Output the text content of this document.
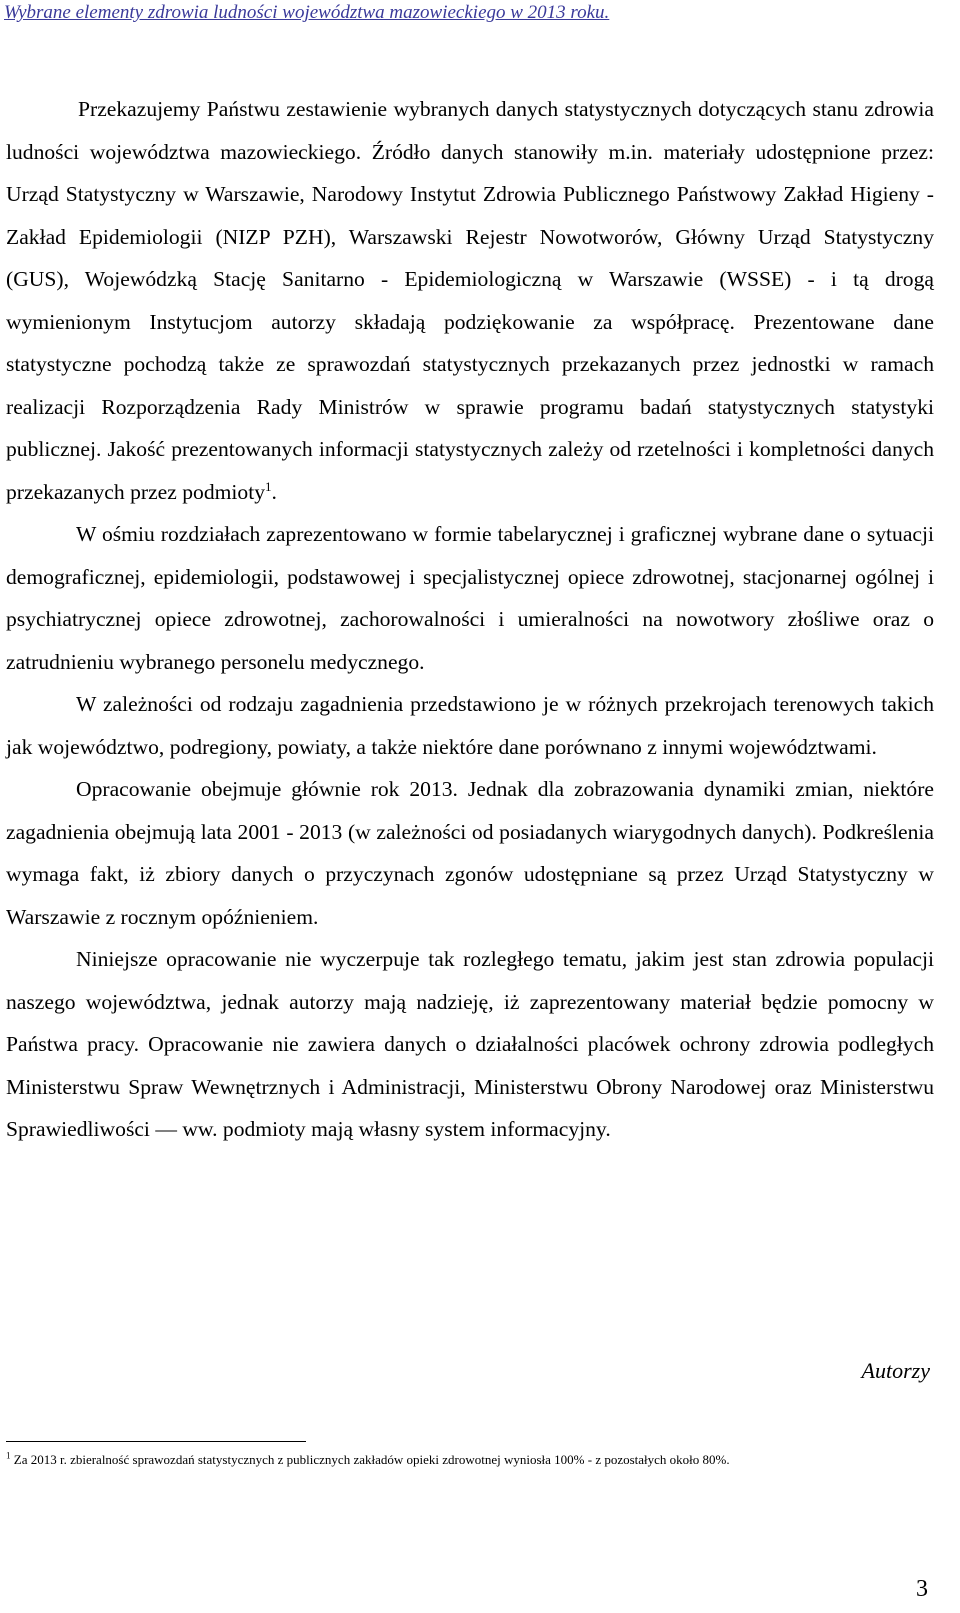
Wybrane elementy zdrowia ludności województwa mazowieckiego w 2013 roku.

Przekazujemy Państwu zestawienie wybranych danych statystycznych dotyczących stanu zdrowia ludności województwa mazowieckiego. Źródło danych stanowiły m.in. materiały udostępnione przez: Urząd Statystyczny w Warszawie, Narodowy Instytut Zdrowia Publicznego Państwowy Zakład Higieny - Zakład Epidemiologii (NIZP PZH), Warszawski Rejestr Nowotworów, Główny Urząd Statystyczny (GUS), Wojewódzką Stację Sanitarno - Epidemiologiczną w Warszawie (WSSE) - i tą drogą wymienionym Instytucjom autorzy składają podziękowanie za współpracę. Prezentowane dane statystyczne pochodzą także ze sprawozdań statystycznych przekazanych przez jednostki w ramach realizacji Rozporządzenia Rady Ministrów w sprawie programu badań statystycznych statystyki publicznej. Jakość prezentowanych informacji statystycznych zależy od rzetelności i kompletności danych przekazanych przez podmioty$^1$.

W ośmiu rozdziałach zaprezentowano w formie tabelarycznej i graficznej wybrane dane o sytuacji demograficznej, epidemiologii, podstawowej i specjalistycznej opiece zdrowotnej, stacjonarnej ogólnej i psychiatrycznej opiece zdrowotnej, zachorowalności i umieralności na nowotwory złośliwe oraz o zatrudnieniu wybranego personelu medycznego.

W zależności od rodzaju zagadnienia przedstawiono je w różnych przekrojach terenowych takich jak województwo, podregiony, powiaty, a także niektóre dane porównano z innymi województwami.

Opracowanie obejmuje głównie rok 2013. Jednak dla zobrazowania dynamiki zmian, niektóre zagadnienia obejmują lata 2001 - 2013 (w zależności od posiadanych wiarygodnych danych). Podkreślenia wymaga fakt, iż zbiory danych o przyczynach zgonów udostępniane są przez Urząd Statystyczny w Warszawie z rocznym opóźnieniem.

Niniejsze opracowanie nie wyczerpuje tak rozległego tematu, jakim jest stan zdrowia populacji naszego województwa, jednak autorzy mają nadzieję, iż zaprezentowany materiał będzie pomocny w Państwa pracy. Opracowanie nie zawiera danych o działalności placówek ochrony zdrowia podległych Ministerstwu Spraw Wewnętrznych i Administracji, Ministerstwu Obrony Narodowej oraz Ministerstwu Sprawiedliwości — ww. podmioty mają własny system informacyjny.

Autorzy
$^1$ Za 2013 r. zbieralność sprawozdań statystycznych z publicznych zakładów opieki zdrowotnej wyniosła 100% - z pozostałych około 80%.
3
